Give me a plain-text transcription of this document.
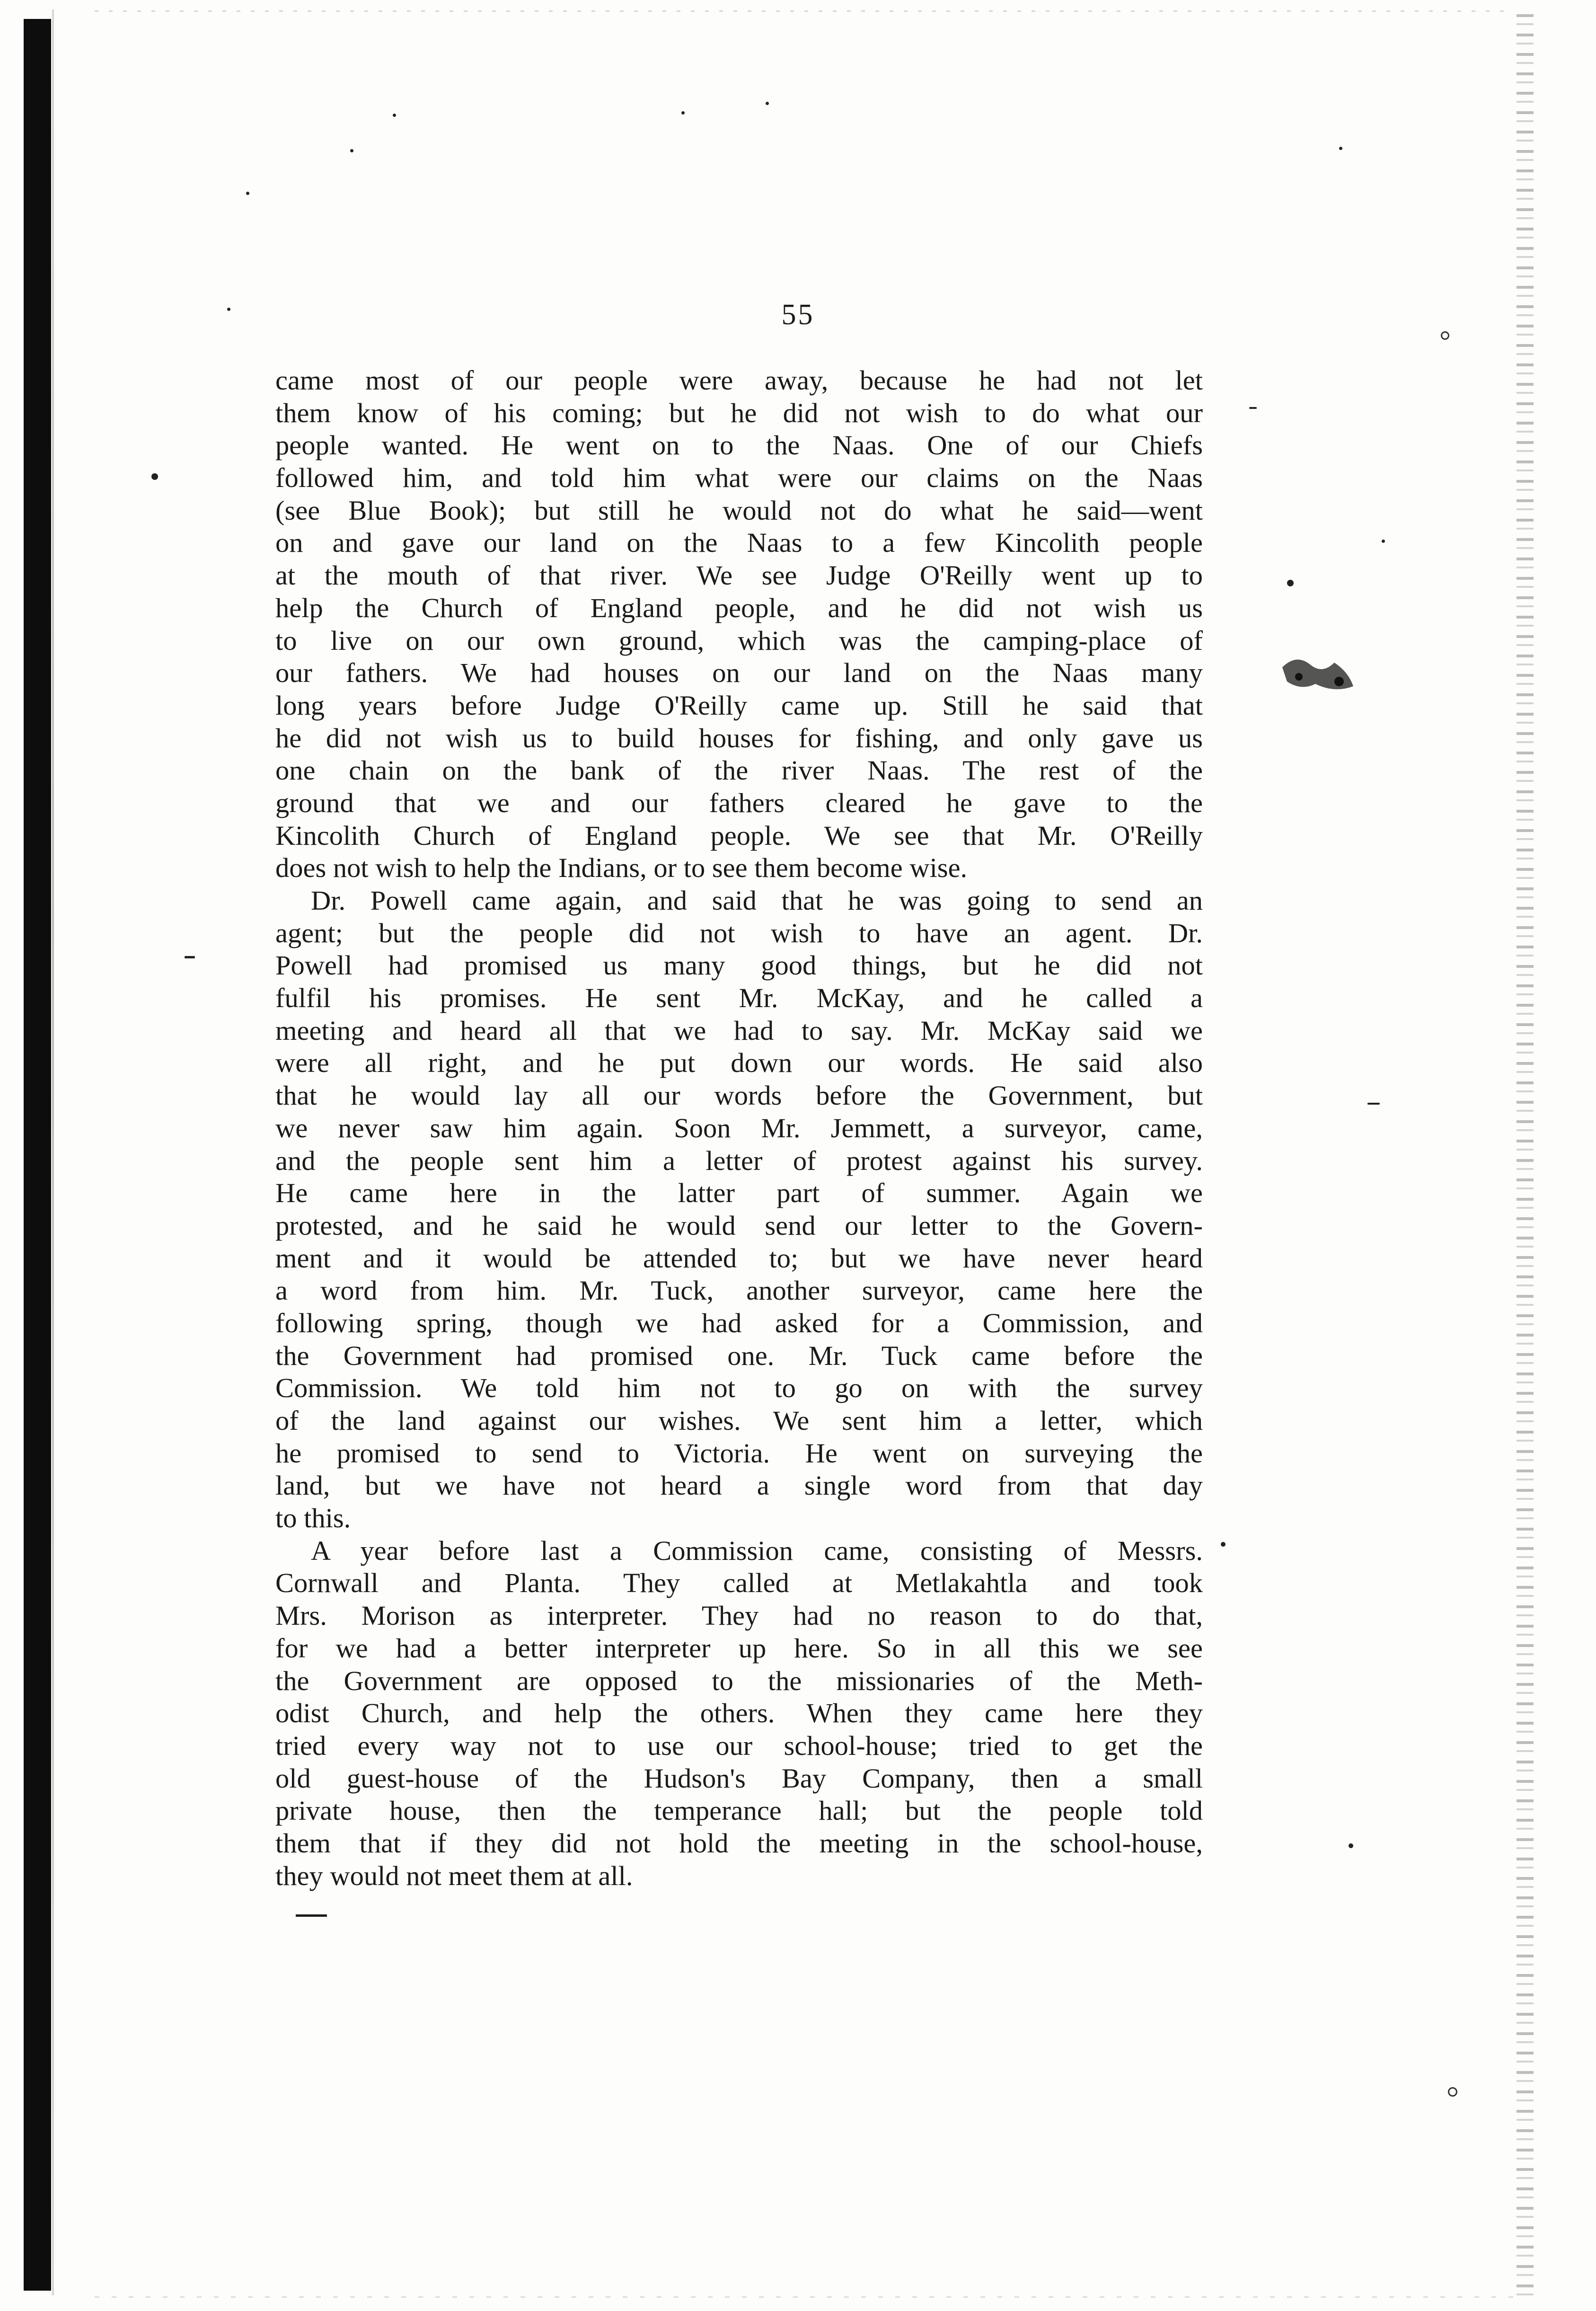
55
came most of our people were away, because he had not let
them know of his coming; but he did not wish to do what our
people wanted. He went on to the Naas. One of our Chiefs
followed him, and told him what were our claims on the Naas
(see Blue Book); but still he would not do what he said—went
on and gave our land on the Naas to a few Kincolith people
at the mouth of that river. We see Judge O'Reilly went up to
help the Church of England people, and he did not wish us
to live on our own ground, which was the camping-place of
our fathers. We had houses on our land on the Naas many
long years before Judge O'Reilly came up. Still he said that
he did not wish us to build houses for fishing, and only gave us
one chain on the bank of the river Naas. The rest of the
ground that we and our fathers cleared he gave to the
Kincolith Church of England people. We see that Mr. O'Reilly
does not wish to help the Indians, or to see them become wise.
Dr. Powell came again, and said that he was going to send an
agent; but the people did not wish to have an agent. Dr.
Powell had promised us many good things, but he did not
fulfil his promises. He sent Mr. McKay, and he called a
meeting and heard all that we had to say. Mr. McKay said we
were all right, and he put down our words. He said also
that he would lay all our words before the Government, but
we never saw him again. Soon Mr. Jemmett, a surveyor, came,
and the people sent him a letter of protest against his survey.
He came here in the latter part of summer. Again we
protested, and he said he would send our letter to the Govern-
ment and it would be attended to; but we have never heard
a word from him. Mr. Tuck, another surveyor, came here the
following spring, though we had asked for a Commission, and
the Government had promised one. Mr. Tuck came before the
Commission. We told him not to go on with the survey
of the land against our wishes. We sent him a letter, which
he promised to send to Victoria. He went on surveying the
land, but we have not heard a single word from that day
to this.
A year before last a Commission came, consisting of Messrs.
Cornwall and Planta. They called at Metlakahtla and took
Mrs. Morison as interpreter. They had no reason to do that,
for we had a better interpreter up here. So in all this we see
the Government are opposed to the missionaries of the Meth-
odist Church, and help the others. When they came here they
tried every way not to use our school-house; tried to get the
old guest-house of the Hudson's Bay Company, then a small
private house, then the temperance hall; but the people told
them that if they did not hold the meeting in the school-house,
they would not meet them at all.
